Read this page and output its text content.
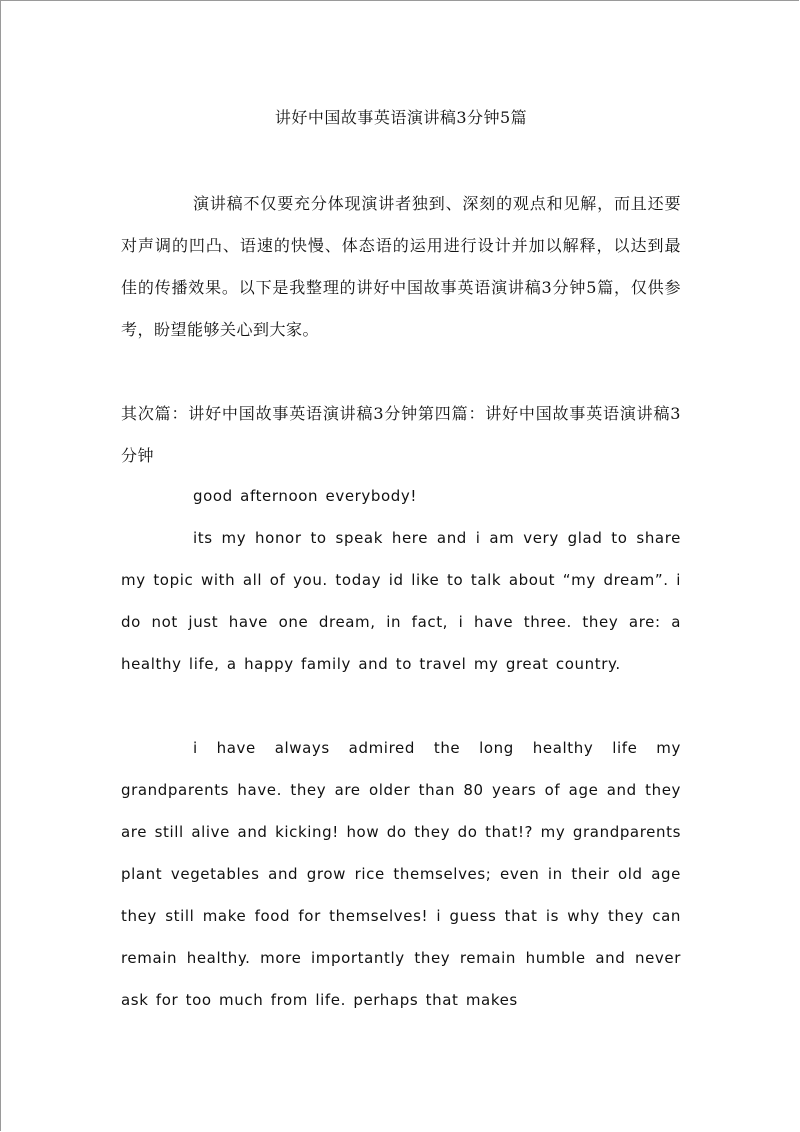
讲好中国故事英语演讲稿3分钟5篇

演讲稿不仅要充分体现演讲者独到、深刻的观点和见解，而且还要对声调的凹凸、语速的快慢、体态语的运用进行设计并加以解释，以达到最佳的传播效果。以下是我整理的讲好中国故事英语演讲稿3分钟5篇，仅供参考，盼望能够关心到大家。

其次篇：讲好中国故事英语演讲稿3分钟第四篇：讲好中国故事英语演讲稿3分钟

good afternoon everybody!

its my honor to speak here and i am very glad to share my topic with all of you. today id like to talk about “my dream”. i do not just have one dream, in fact, i have three. they are: a healthy life, a happy family and to travel my great country.

i have always admired the long healthy life my grandparents have. they are older than 80 years of age and they are still alive and kicking! how do they do that!? my grandparents plant vegetables and grow rice themselves; even in their old age they still make food for themselves! i guess that is why they can remain healthy. more importantly they remain humble and never ask for too much from life. perhaps that makes
